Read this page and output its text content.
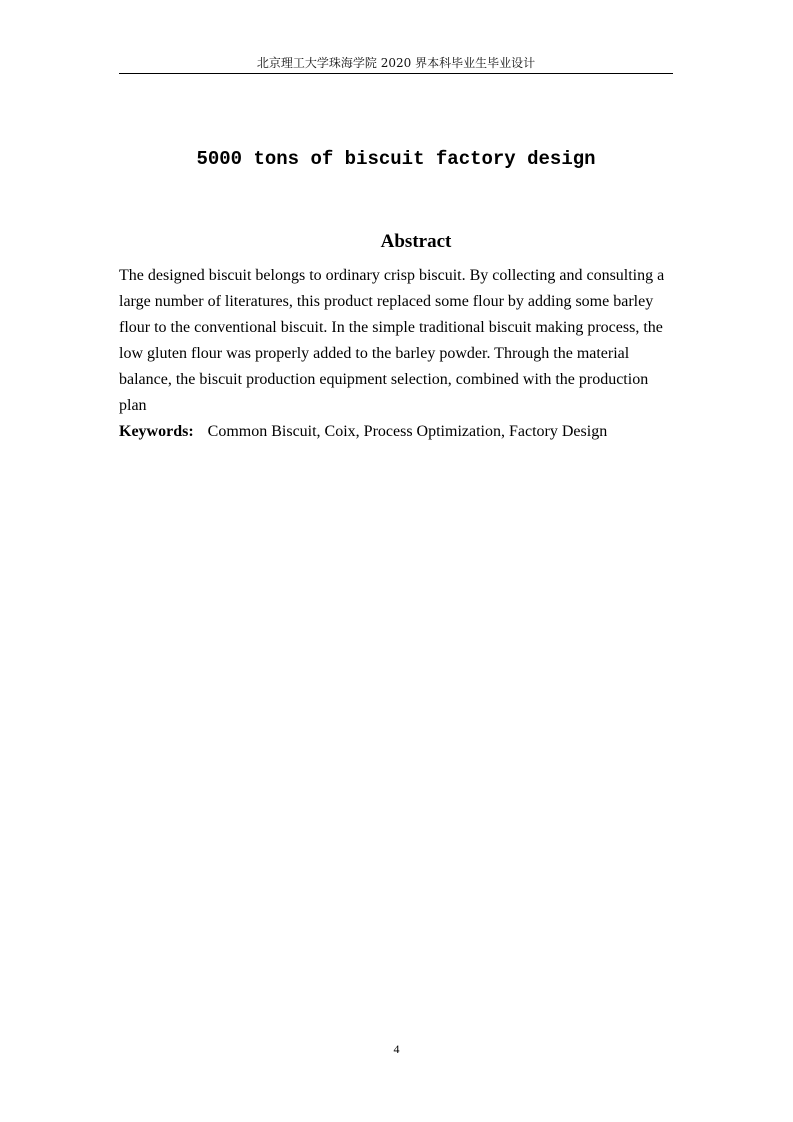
北京理工大学珠海学院 2020 界本科毕业生毕业设计
5000 tons of biscuit factory design
Abstract
The designed biscuit belongs to ordinary crisp biscuit. By collecting and consulting a
large number of literatures, this product replaced some flour by adding some barley
flour to the conventional biscuit. In the simple traditional biscuit making process, the
low gluten flour was properly added to the barley powder. Through the material
balance, the biscuit production equipment selection, combined with the production
plan
Keywords: Common Biscuit, Coix, Process Optimization, Factory Design
4
